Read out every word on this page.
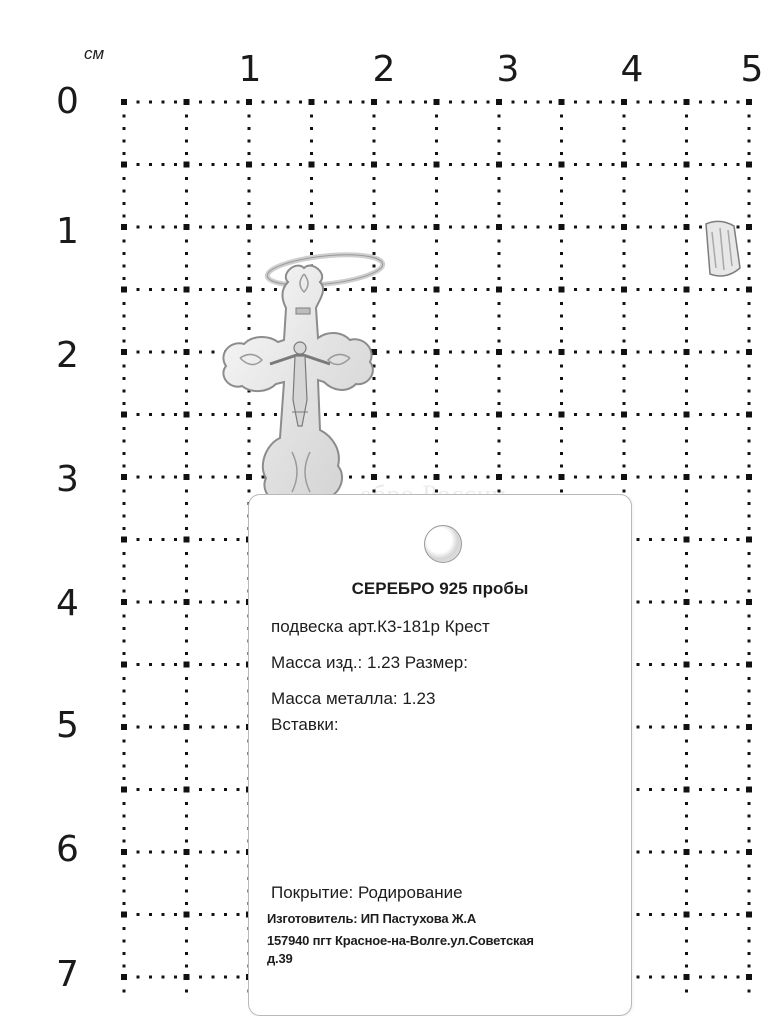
см	1	2	3	4	5
0
1
2
3
4
5
6
7
СЕРЕБРО 925 пробы
подвеска арт.К3-181р Крест
Масса изд.: 1.23 Размер:
Масса металла: 1.23
Вставки:
Покрытие: Родирование
Изготовитель: ИП Пастухова Ж.А
157940 пгт Красное-на-Волге.ул.Советская
д.39
